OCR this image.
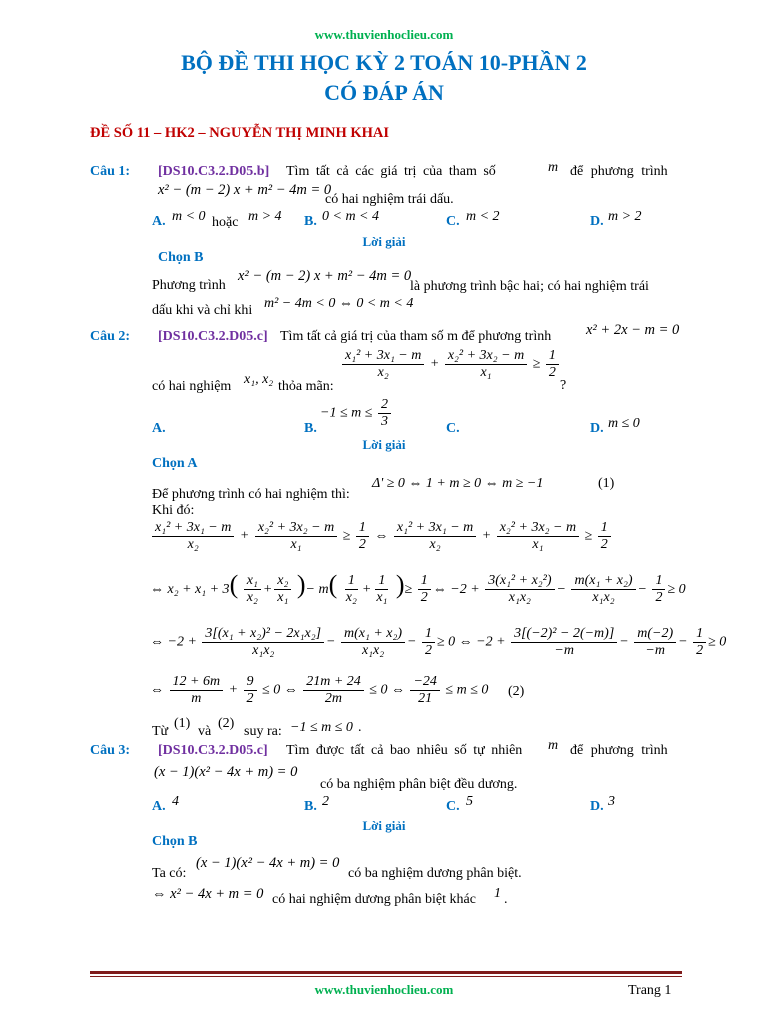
www.thuvienhoclieu.com
BỘ ĐỀ THI HỌC KỲ 2 TOÁN 10-PHẦN 2
CÓ ĐÁP ÁN
ĐỀ SỐ 11 – HK2 – NGUYỄN THỊ MINH KHAI
Câu 1: [DS10.C3.2.D05.b] Tìm tất cả các giá trị của tham số	m để phương trình
x² − (m − 2) x + m² − 4m = 0
có hai nghiệm trái dấu.
A. m < 0 hoặc m > 4 B. 0 < m < 4	C. m < 2	D. m > 2
Lời giải
Chọn B
Phương trình
x² − (m − 2) x + m² − 4m = 0
là phương trình bậc hai; có hai nghiệm trái
dấu khi và chỉ khi m² − 4m < 0 ⇔ 0 < m < 4
Câu 2: [DS10.C3.2.D05.c] Tìm tất cả giá trị của tham số m để phương trình x² + 2x − m = 0
$\frac{\text{x₁² + 3x₁ − m}}{\text{x₂}} + \frac{\text{x₂² + 3x₂ − m}}{\text{x₁}} \ge \frac{1}{2}$
có hai nghiệm x₁, x₂ thỏa mãn:	?
$-1 \le m \le \frac{2}{3}$
A.	B.	C.	D. m ≤ 0
Lời giải
Chọn A
Để phương trình có hai nghiệm thì:
Δ' ≥ 0 ⇔ 1 + m ≥ 0 ⇔ m ≥ −1	(1)
Khi đó:
$\frac{\text{x₁² + 3x₁ − m}}{\text{x₂}} + \frac{\text{x₂² + 3x₂ − m}}{\text{x₁}} \ge \frac{1}{2}$ ⇔ $\frac{\text{x₁² + 3x₁ − m}}{\text{x₂}} + \frac{\text{x₂² + 3x₂ − m}}{\text{x₁}} \ge \frac{1}{2}$
⇔ $x_2 + x_1 + 3( \frac{\text{x₁}}{\text{x₂}} + \frac{\text{x₂}}{\text{x₁}}$ )− $m( \frac{1}{\text{x₂}} + \frac{1}{\text{x₁}}$ )≥ $\frac{1}{2}$ ⇔ $-2 + \frac{\text{3(x₁² + x₂²)}}{\text{x₁x₂}} - \frac{\text{m(x₁ + x₂)}}{\text{x₁x₂}} - \frac{1}{2} \ge 0$
⇔ $-2 + \frac{\text{3[(x₁ + x₂)² − 2x₁x₂]}}{\text{x₁x₂}} - \frac{\text{m(x₁ + x₂)}}{\text{x₁x₂}} - \frac{1}{2} \ge 0$ ⇔ $-2 + \frac{\text{3[(−2)² − 2(−m)]}}{-m} - \frac{m(-2)}{-m} - \frac{1}{2} \ge 0$
⇔ $\frac{12 + 6m}{m} + \frac{9}{2} \le 0$ ⇔ $\frac{21m + 24}{2m} \le 0$ ⇔ $\frac{-24}{21} \le m \le 0$ (2)
Từ
(1)
và
(2)
suy ra: −1 ≤ m ≤ 0 .
Câu 3: [DS10.C3.2.D05.c] Tìm được tất cả bao nhiêu số tự nhiên m để phương trình
(x − 1)(x² − 4x + m) = 0
có ba nghiệm phân biệt đều dương.
A. 4	B. 2	C. 5	D. 3
Lời giải
Chọn B
Ta có:
(x − 1)(x² − 4x + m) = 0
có ba nghiệm dương phân biệt.
⇔ x² − 4x + m = 0 có hai nghiệm dương phân biệt khác 1 .
www.thuvienhoclieu.com	Trang 1
